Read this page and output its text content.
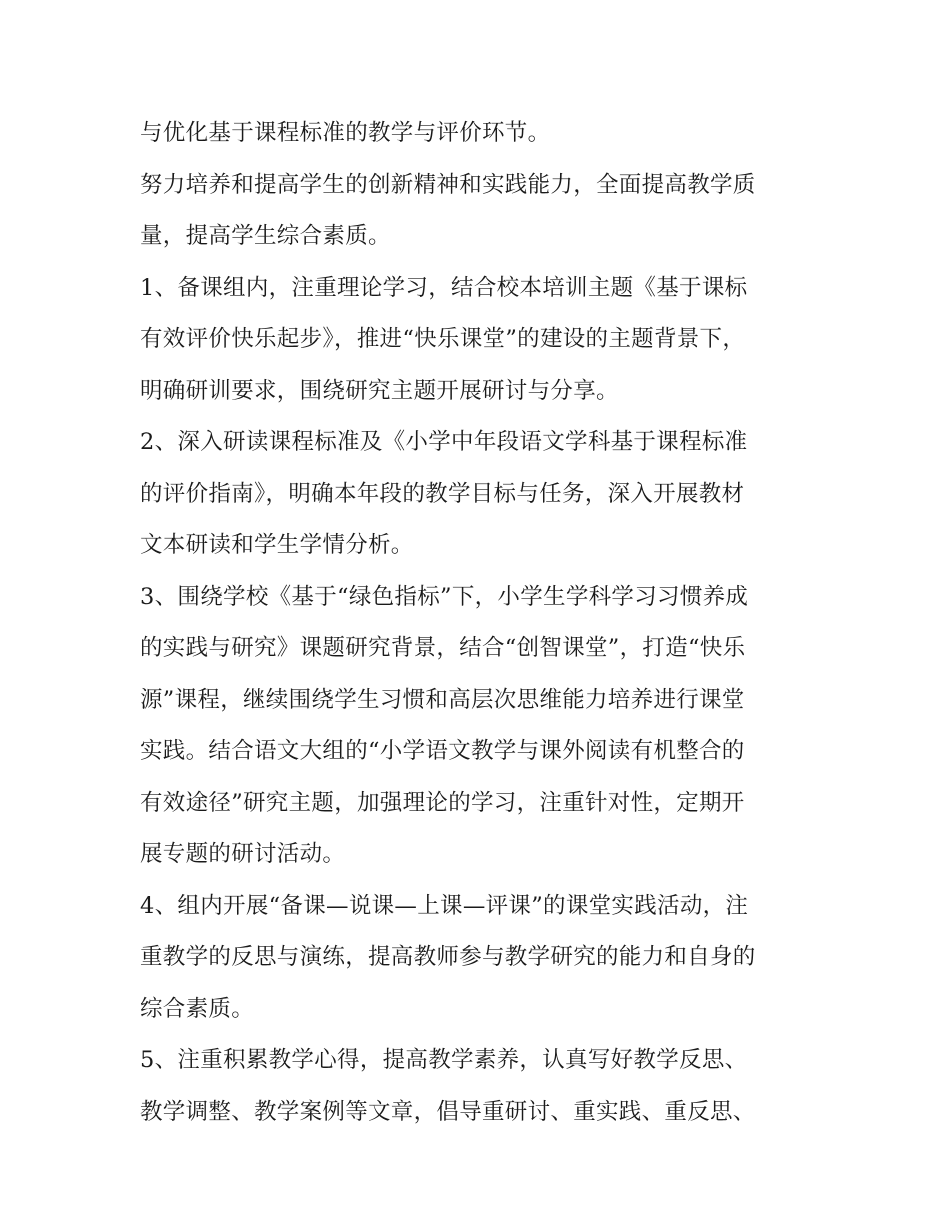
与优化基于课程标准的教学与评价环节。
努力培养和提高学生的创新精神和实践能力，全面提高教学质
量，提高学生综合素质。
1、备课组内，注重理论学习，结合校本培训主题《基于课标
有效评价快乐起步》，推进“快乐课堂”的建设的主题背景下，
明确研训要求，围绕研究主题开展研讨与分享。
2、深入研读课程标准及《小学中年段语文学科基于课程标准
的评价指南》，明确本年段的教学目标与任务，深入开展教材
文本研读和学生学情分析。
3、围绕学校《基于“绿色指标”下，小学生学科学习习惯养成
的实践与研究》课题研究背景，结合“创智课堂”，打造“快乐
源”课程，继续围绕学生习惯和高层次思维能力培养进行课堂
实践。结合语文大组的“小学语文教学与课外阅读有机整合的
有效途径”研究主题，加强理论的学习，注重针对性，定期开
展专题的研讨活动。
4、组内开展“备课—说课—上课—评课”的课堂实践活动，注
重教学的反思与演练，提高教师参与教学研究的能力和自身的
综合素质。
5、注重积累教学心得，提高教学素养，认真写好教学反思、
教学调整、教学案例等文章，倡导重研讨、重实践、重反思、
